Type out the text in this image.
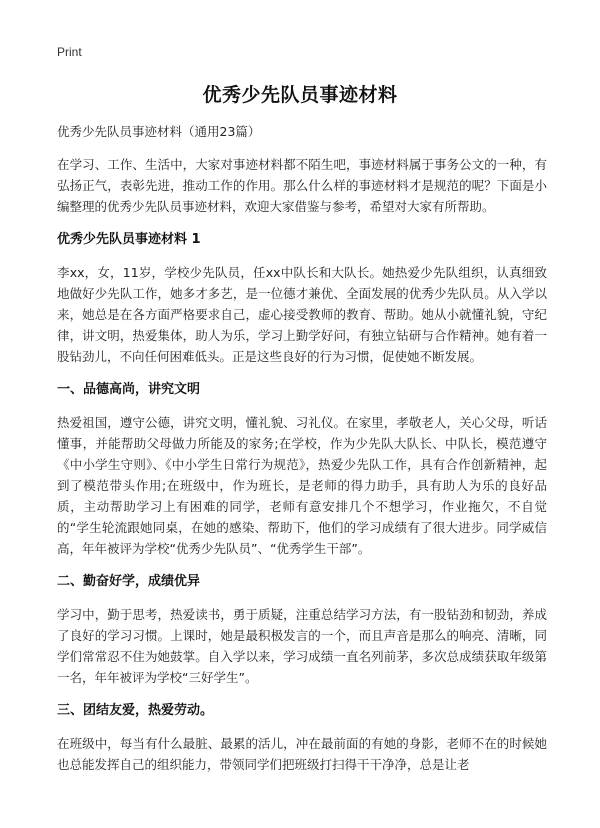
Print
优秀少先队员事迹材料

优秀少先队员事迹材料（通用23篇）

在学习、工作、生活中，大家对事迹材料都不陌生吧，事迹材料属于事务公文的一种，有弘扬正气，表彰先进，推动工作的作用。那么什么样的事迹材料才是规范的呢？下面是小编整理的优秀少先队员事迹材料，欢迎大家借鉴与参考，希望对大家有所帮助。

优秀少先队员事迹材料 1

李xx，女，11岁，学校少先队员，任xx中队长和大队长。她热爱少先队组织，认真细致地做好少先队工作，她多才多艺，是一位德才兼优、全面发展的优秀少先队员。从入学以来，她总是在各方面严格要求自己，虚心接受教师的教育、帮助。她从小就懂礼貌，守纪律，讲文明，热爱集体，助人为乐，学习上勤学好问，有独立钻研与合作精神。她有着一股钻劲儿，不向任何困难低头。正是这些良好的行为习惯，促使她不断发展。

一、品德高尚，讲究文明

热爱祖国，遵守公德，讲究文明，懂礼貌、习礼仪。在家里，孝敬老人，关心父母，听话懂事，并能帮助父母做力所能及的家务;在学校，作为少先队大队长、中队长，模范遵守《中小学生守则》、《中小学生日常行为规范》，热爱少先队工作，具有合作创新精神，起到了模范带头作用;在班级中，作为班长，是老师的得力助手，具有助人为乐的良好品质，主动帮助学习上有困难的同学，老师有意安排几个不想学习，作业拖欠，不自觉的“学生轮流跟她同桌，在她的感染、帮助下，他们的学习成绩有了很大进步。同学威信高，年年被评为学校“优秀少先队员”、“优秀学生干部”。

二、勤奋好学，成绩优异

学习中，勤于思考，热爱读书，勇于质疑，注重总结学习方法，有一股钻劲和韧劲，养成了良好的学习习惯。上课时，她是最积极发言的一个，而且声音是那么的响亮、清晰，同学们常常忍不住为她鼓掌。自入学以来，学习成绩一直名列前茅，多次总成绩获取年级第一名，年年被评为学校“三好学生”。

三、团结友爱，热爱劳动。

在班级中，每当有什么最脏、最累的活儿，冲在最前面的有她的身影，老师不在的时候她也总能发挥自己的组织能力，带领同学们把班级打扫得干干净净，总是让老
